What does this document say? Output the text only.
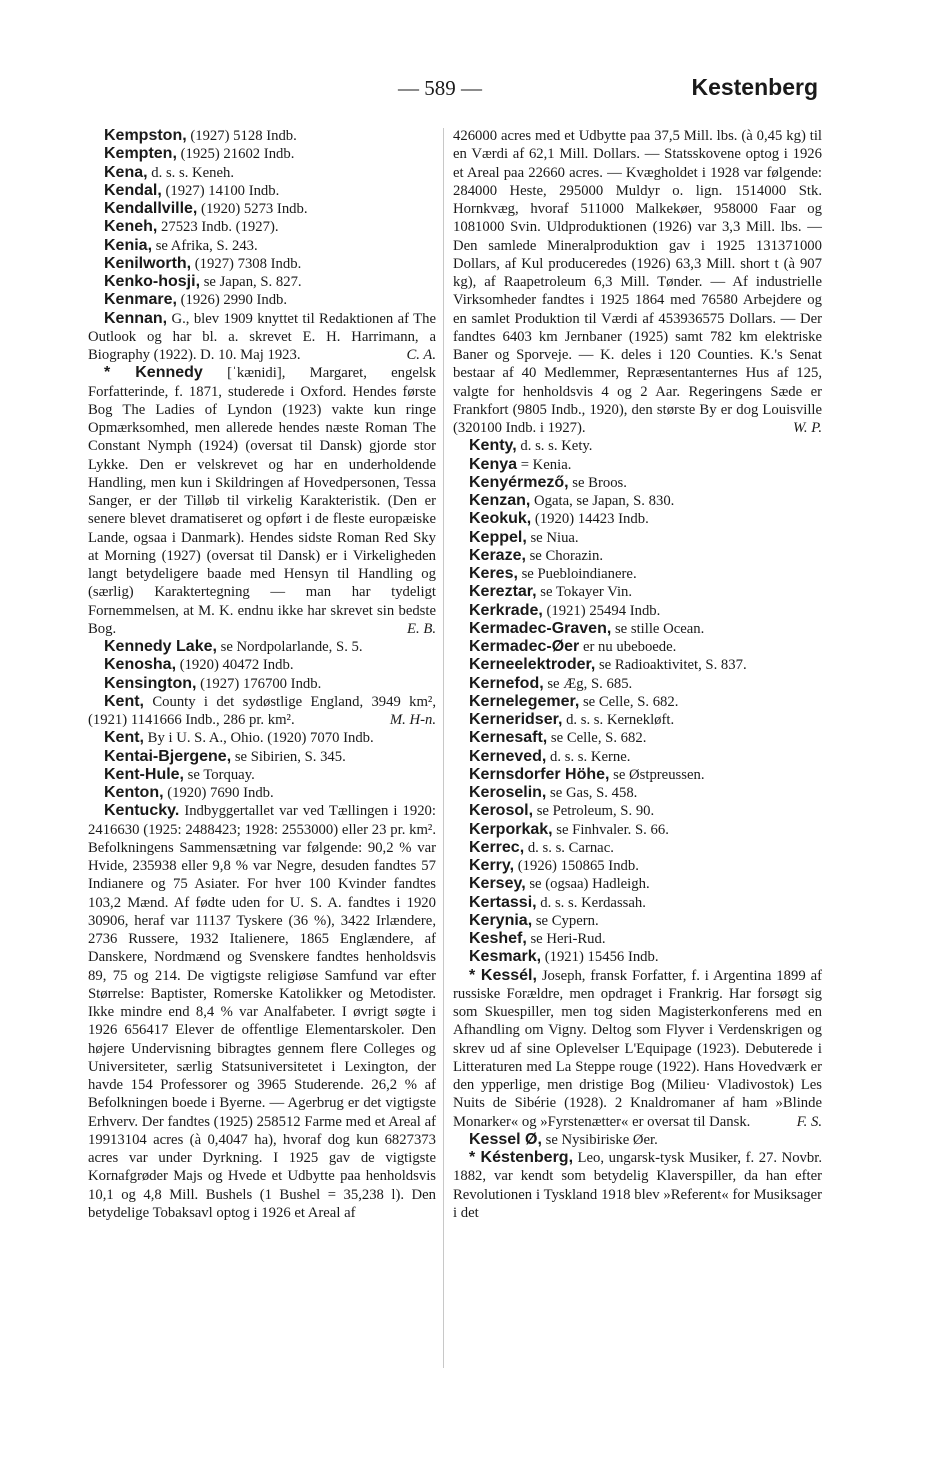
— 589 —	Kestenberg

Kempston, (1927) 5128 Indb.

Kempten, (1925) 21602 Indb.

Kena, d. s. s. Keneh.

Kendal, (1927) 14100 Indb.

Kendallville, (1920) 5273 Indb.

Keneh, 27523 Indb. (1927).

Kenia, se Afrika, S. 243.

Kenilworth, (1927) 7308 Indb.

Kenko-hosji, se Japan, S. 827.

Kenmare, (1926) 2990 Indb.

Kennan, G., blev 1909 knyttet til Redaktionen af The Outlook og har bl. a. skrevet E. H. Harrimann, a Biography (1922). D. 10. Maj 1923.	C. A.

* Kennedy [ˈkænidi], Margaret, engelsk Forfatterinde, f. 1871, studerede i Oxford. Hendes første Bog The Ladies of Lyndon (1923) vakte kun ringe Opmærksomhed, men allerede hendes næste Roman The Constant Nymph (1924) (oversat til Dansk) gjorde stor Lykke. Den er velskrevet og har en underholdende Handling, men kun i Skildringen af Hovedpersonen, Tessa Sanger, er der Tilløb til virkelig Karakteristik. (Den er senere blevet dramatiseret og opført i de fleste europæiske Lande, ogsaa i Danmark). Hendes sidste Roman Red Sky at Morning (1927) (oversat til Dansk) er i Virkeligheden langt betydeligere baade med Hensyn til Handling og (særlig) Karaktertegning — man har tydeligt Fornemmelsen, at M. K. endnu ikke har skrevet sin bedste Bog.	E. B.

Kennedy Lake, se Nordpolarlande, S. 5.

Kenosha, (1920) 40472 Indb.

Kensington, (1927) 176700 Indb.

Kent, County i det sydøstlige England, 3949 km², (1921) 1141666 Indb., 286 pr. km².	M. H-n.

Kent, By i U. S. A., Ohio. (1920) 7070 Indb.

Kentai-Bjergene, se Sibirien, S. 345.

Kent-Hule, se Torquay.

Kenton, (1920) 7690 Indb.

Kentucky. Indbyggertallet var ved Tællingen i 1920: 2416630 (1925: 2488423; 1928: 2553000) eller 23 pr. km². Befolkningens Sammensætning var følgende: 90,2 % var Hvide, 235938 eller 9,8 % var Negre, desuden fandtes 57 Indianere og 75 Asiater. For hver 100 Kvinder fandtes 103,2 Mænd. Af fødte uden for U. S. A. fandtes i 1920 30906, heraf var 11137 Tyskere (36 %), 3422 Irlændere, 2736 Russere, 1932 Italienere, 1865 Englændere, af Danskere, Nordmænd og Svenskere fandtes henholdsvis 89, 75 og 214. De vigtigste religiøse Samfund var efter Størrelse: Baptister, Romerske Katolikker og Metodister. Ikke mindre end 8,4 % var Analfabeter. I øvrigt søgte i 1926 656417 Elever de offentlige Elementarskoler. Den højere Undervisning bibragtes gennem flere Colleges og Universiteter, særlig Statsuniversitetet i Lexington, der havde 154 Professorer og 3965 Studerende. 26,2 % af Befolkningen boede i Byerne. — Agerbrug er det vigtigste Erhverv. Der fandtes (1925) 258512 Farme med et Areal af 19913104 acres (à 0,4047 ha), hvoraf dog kun 6827373 acres var under Dyrkning. I 1925 gav de vigtigste Kornafgrøder Majs og Hvede et Udbytte paa henholdsvis 10,1 og 4,8 Mill. Bushels (1 Bushel = 35,238 l). Den betydelige Tobaksavl optog i 1926 et Areal af

426000 acres med et Udbytte paa 37,5 Mill. lbs. (à 0,45 kg) til en Værdi af 62,1 Mill. Dollars. — Statsskovene optog i 1926 et Areal paa 22660 acres. — Kvægholdet i 1928 var følgende: 284000 Heste, 295000 Muldyr o. lign. 1514000 Stk. Hornkvæg, hvoraf 511000 Malkekøer, 958000 Faar og 1081000 Svin. Uldproduktionen (1926) var 3,3 Mill. lbs. — Den samlede Mineralproduktion gav i 1925 131371000 Dollars, af Kul produceredes (1926) 63,3 Mill. short t (à 907 kg), af Raapetroleum 6,3 Mill. Tønder. — Af industrielle Virksomheder fandtes i 1925 1864 med 76580 Arbejdere og en samlet Produktion til Værdi af 453936575 Dollars. — Der fandtes 6403 km Jernbaner (1925) samt 782 km elektriske Baner og Sporveje. — K. deles i 120 Counties. K.'s Senat bestaar af 40 Medlemmer, Repræsentanternes Hus af 125, valgte for henholdsvis 4 og 2 Aar. Regeringens Sæde er Frankfort (9805 Indb., 1920), den største By er dog Louisville (320100 Indb. i 1927).	W. P.

Kenty, d. s. s. Kety.

Kenya = Kenia.

Kenyérmező, se Broos.

Kenzan, Ogata, se Japan, S. 830.

Keokuk, (1920) 14423 Indb.

Keppel, se Niua.

Keraze, se Chorazin.

Keres, se Puebloindianere.

Kereztar, se Tokayer Vin.

Kerkrade, (1921) 25494 Indb.

Kermadec-Graven, se stille Ocean.

Kermadec-Øer er nu ubeboede.

Kerneelektroder, se Radioaktivitet, S. 837.

Kernefod, se Æg, S. 685.

Kernelegemer, se Celle, S. 682.

Kerneridser, d. s. s. Kernekløft.

Kernesaft, se Celle, S. 682.

Kerneved, d. s. s. Kerne.

Kernsdorfer Höhe, se Østpreussen.

Keroselin, se Gas, S. 458.

Kerosol, se Petroleum, S. 90.

Kerporkak, se Finhvaler. S. 66.

Kerrec, d. s. s. Carnac.

Kerry, (1926) 150865 Indb.

Kersey, se (ogsaa) Hadleigh.

Kertassi, d. s. s. Kerdassah.

Kerynia, se Cypern.

Keshef, se Heri-Rud.

Kesmark, (1921) 15456 Indb.

* Kessél, Joseph, fransk Forfatter, f. i Argentina 1899 af russiske Forældre, men opdraget i Frankrig. Har forsøgt sig som Skuespiller, men tog siden Magisterkonferens med en Afhandling om Vigny. Deltog som Flyver i Verdenskrigen og skrev ud af sine Oplevelser L'Equipage (1923). Debuterede i Litteraturen med La Steppe rouge (1922). Hans Hovedværk er den ypperlige, men dristige Bog (Milieu· Vladivostok) Les Nuits de Sibérie (1928). 2 Knaldromaner af ham »Blinde Monarker« og »Fyrstenætter« er oversat til Dansk.	F. S.

Kessel Ø, se Nysibiriske Øer.

* Késtenberg, Leo, ungarsk-tysk Musiker, f. 27. Novbr. 1882, var kendt som betydelig Klaverspiller, da han efter Revolutionen i Tyskland 1918 blev »Referent« for Musiksager i det
